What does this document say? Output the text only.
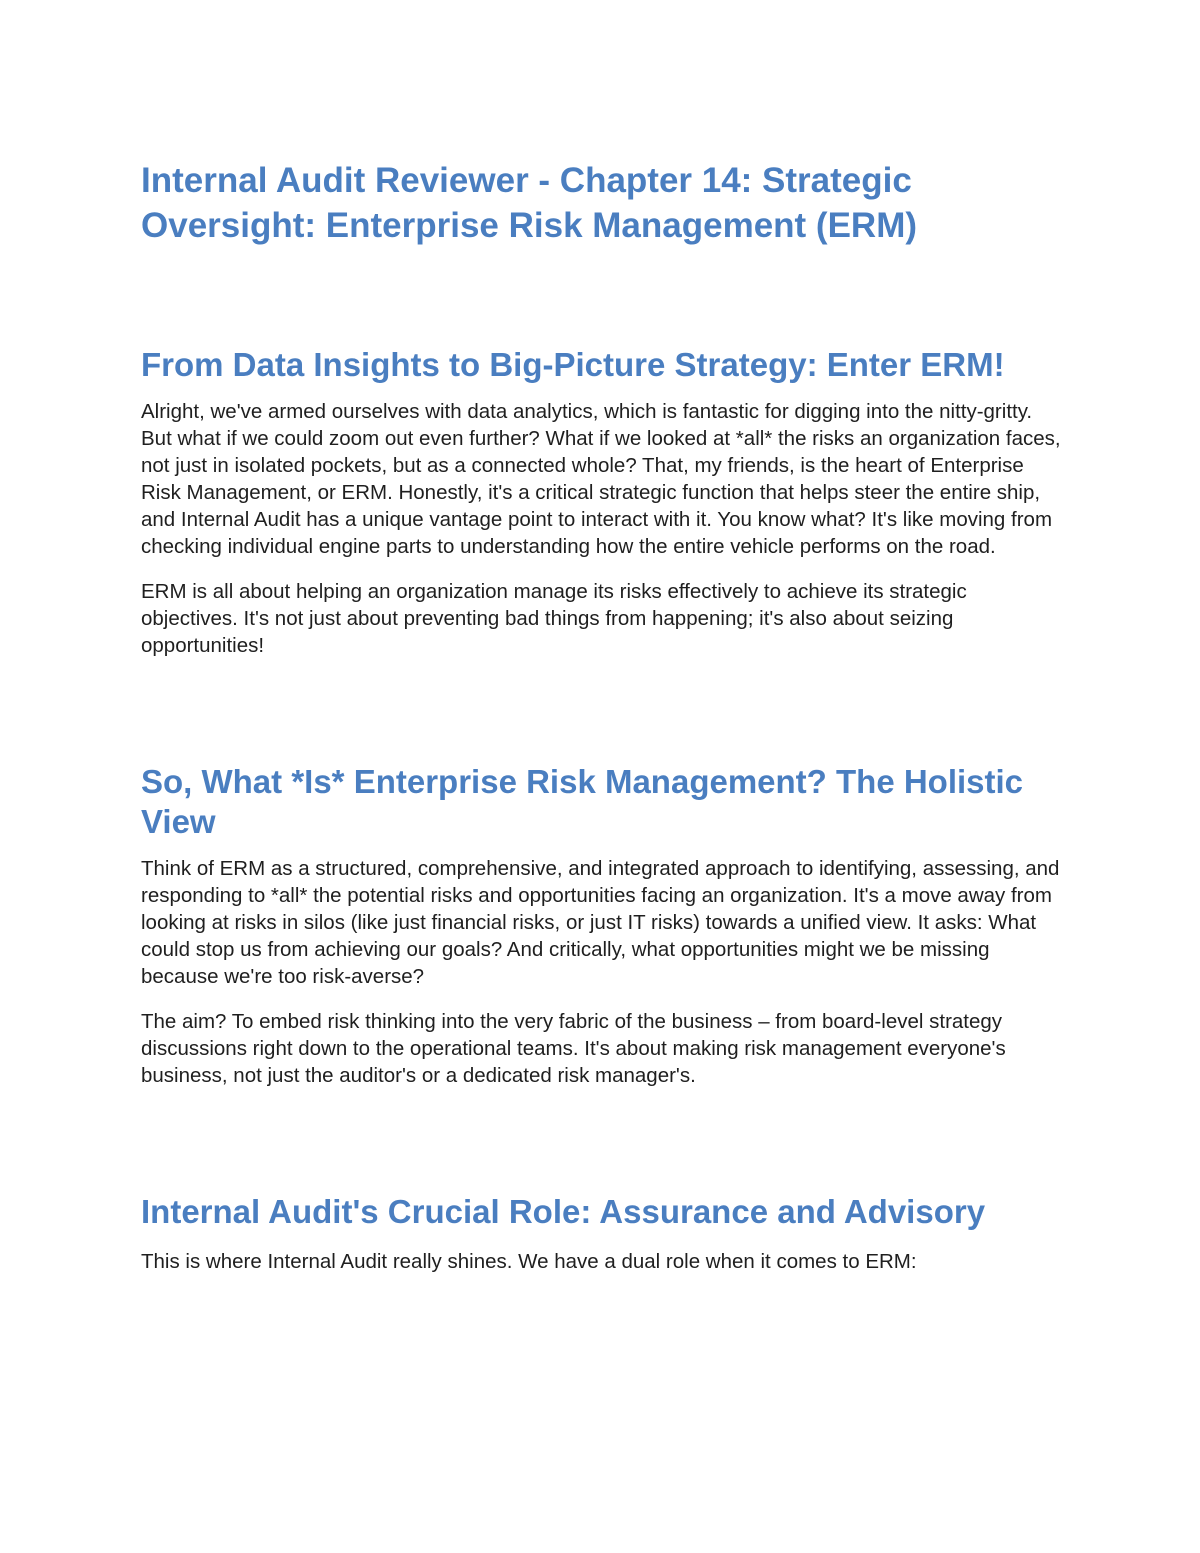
Internal Audit Reviewer - Chapter 14: Strategic Oversight: Enterprise Risk Management (ERM)
From Data Insights to Big-Picture Strategy: Enter ERM!

Alright, we've armed ourselves with data analytics, which is fantastic for digging into the nitty-gritty. But what if we could zoom out even further? What if we looked at *all* the risks an organization faces, not just in isolated pockets, but as a connected whole? That, my friends, is the heart of Enterprise Risk Management, or ERM. Honestly, it's a critical strategic function that helps steer the entire ship, and Internal Audit has a unique vantage point to interact with it. You know what? It's like moving from checking individual engine parts to understanding how the entire vehicle performs on the road.

ERM is all about helping an organization manage its risks effectively to achieve its strategic objectives. It's not just about preventing bad things from happening; it's also about seizing opportunities!

So, What *Is* Enterprise Risk Management? The Holistic View

Think of ERM as a structured, comprehensive, and integrated approach to identifying, assessing, and responding to *all* the potential risks and opportunities facing an organization. It's a move away from looking at risks in silos (like just financial risks, or just IT risks) towards a unified view. It asks: What could stop us from achieving our goals? And critically, what opportunities might we be missing because we're too risk-averse?

The aim? To embed risk thinking into the very fabric of the business – from board-level strategy discussions right down to the operational teams. It's about making risk management everyone's business, not just the auditor's or a dedicated risk manager's.

Internal Audit's Crucial Role: Assurance and Advisory

This is where Internal Audit really shines. We have a dual role when it comes to ERM:
